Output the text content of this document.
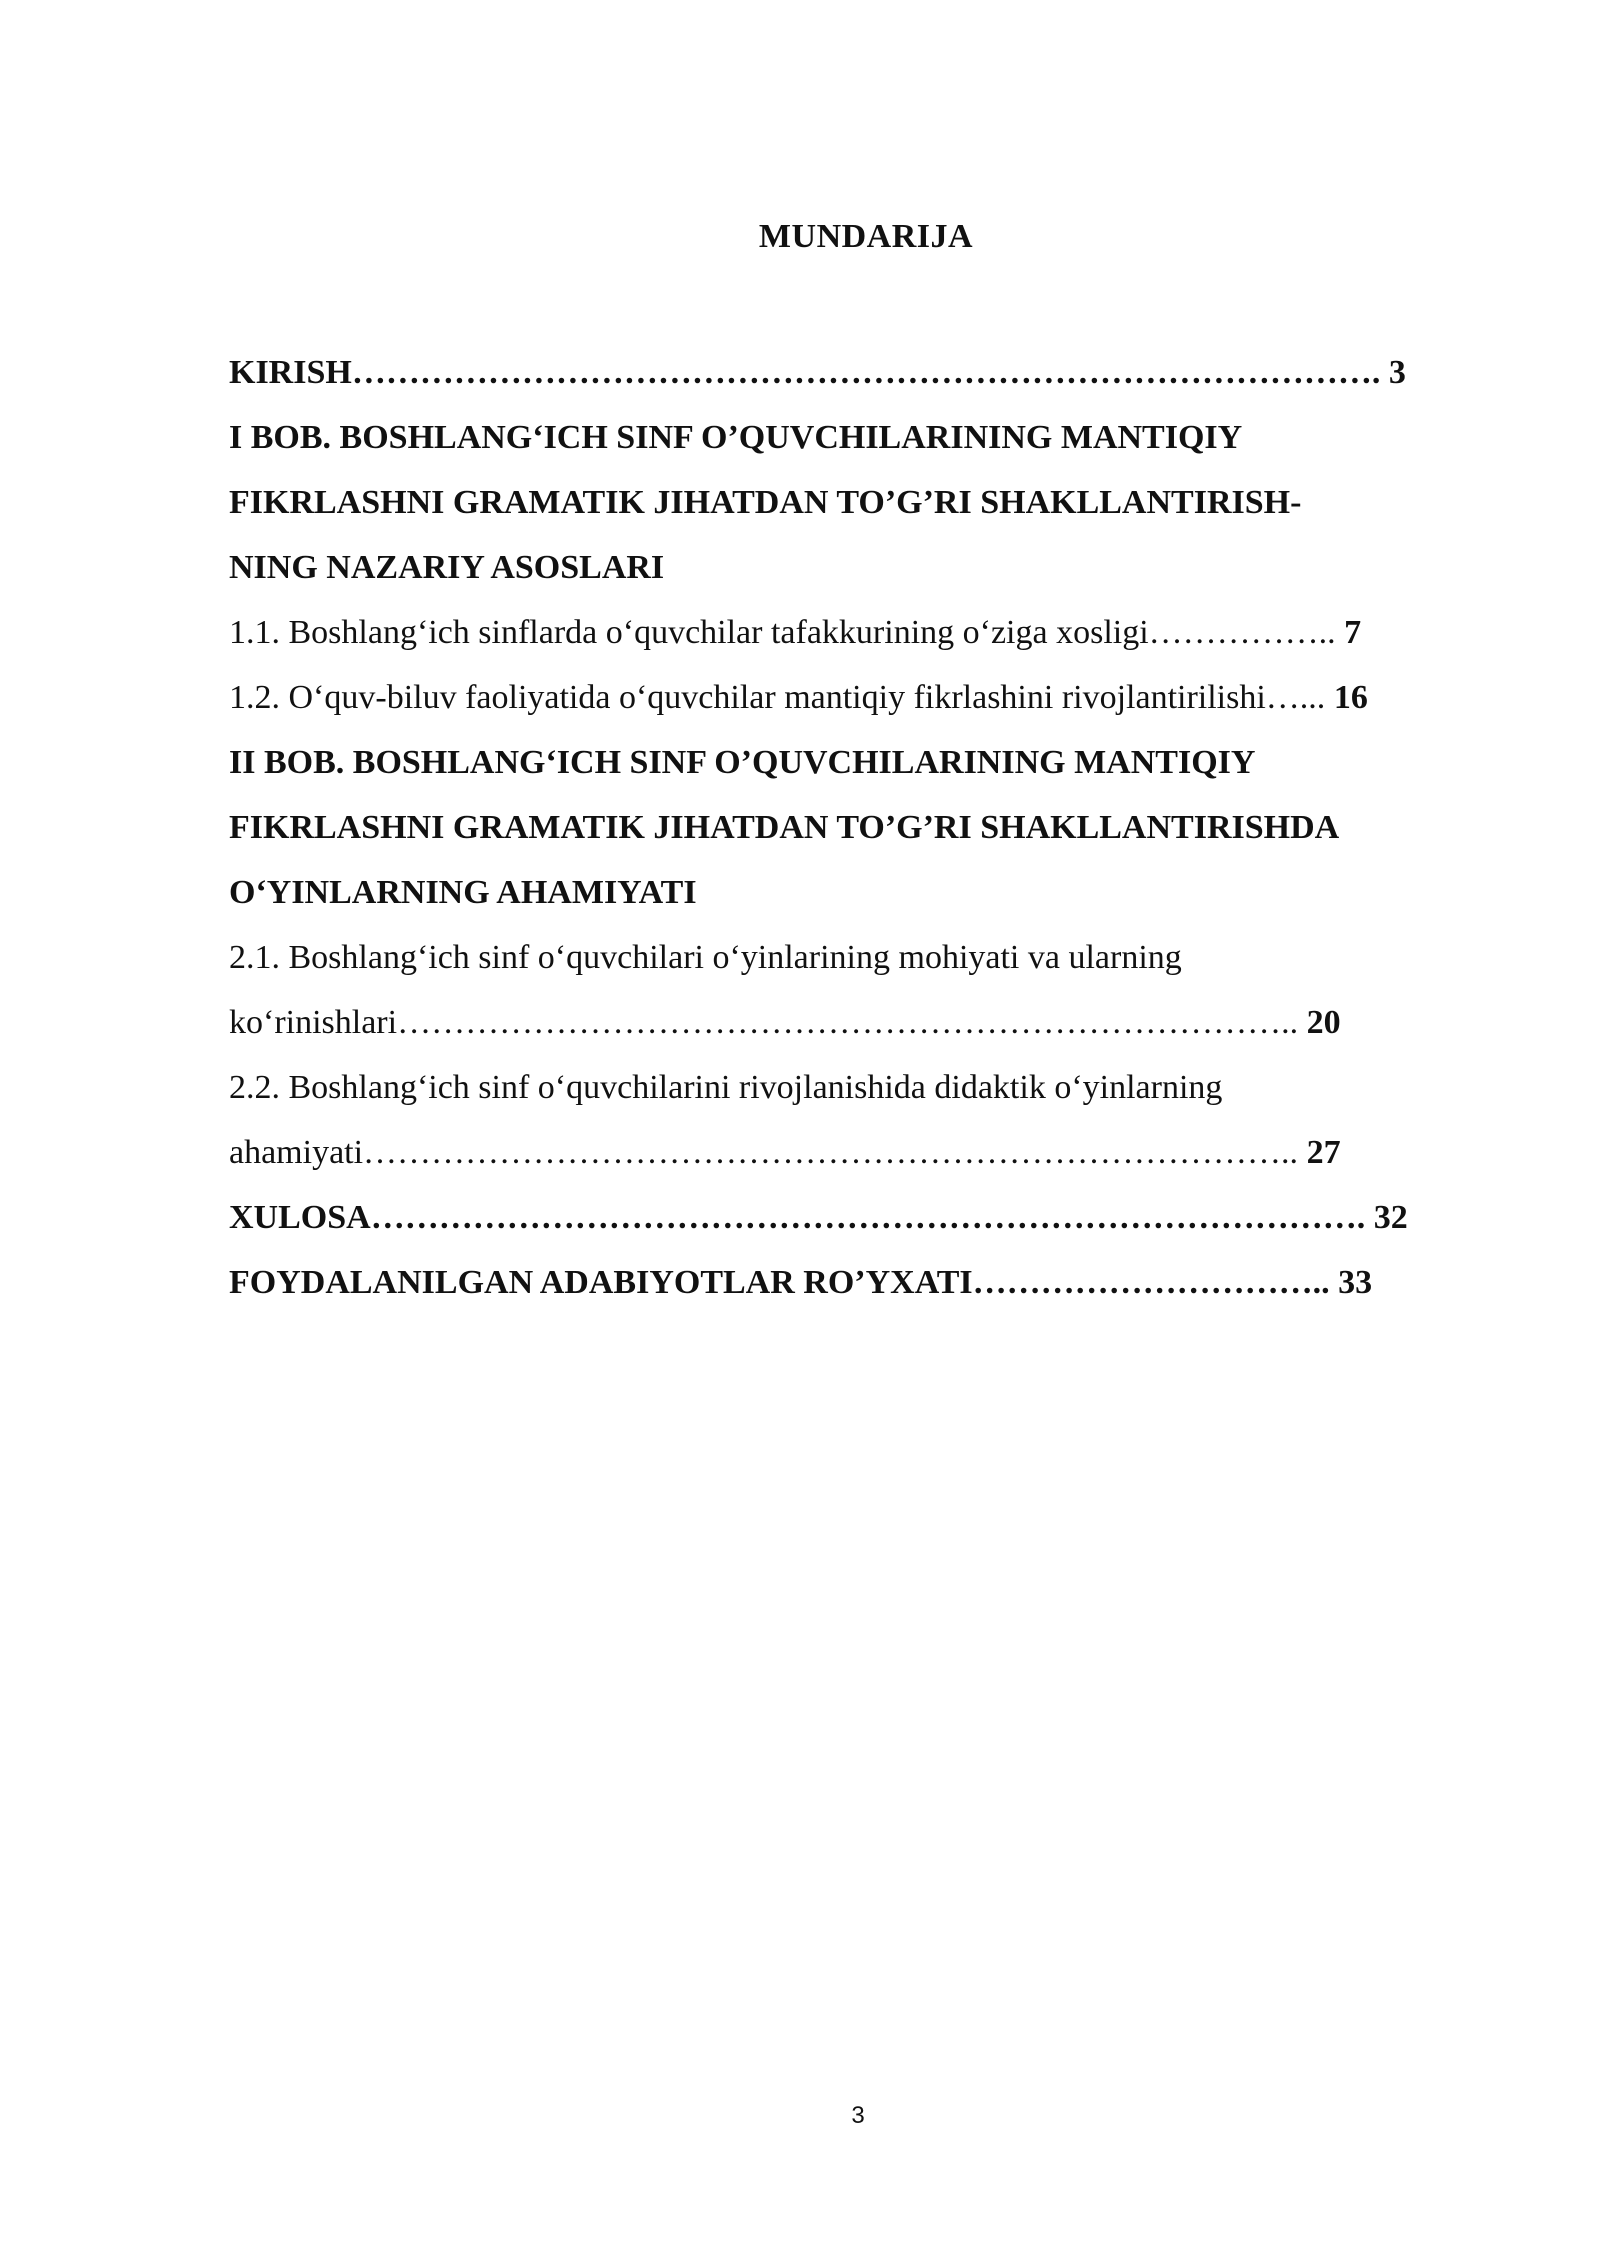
MUNDARIJA
KIRISH………………………………………………………………………………. 3
I BOB. BOSHLANG‘ICH SINF O’QUVCHILARINING MANTIQIY
FIKRLASHNI GRAMATIK JIHATDAN TO’G’RI SHAKLLANTIRISH-
NING NAZARIY ASOSLARI
1.1. Boshlang‘ich sinflarda o‘quvchilar tafakkurining o‘ziga xosligi…………….. 7
1.2. O‘quv-biluv faoliyatida o‘quvchilar mantiqiy fikrlashini rivojlantirilishi…... 16
II BOB. BOSHLANG‘ICH SINF O’QUVCHILARINING MANTIQIY
FIKRLASHNI GRAMATIK JIHATDAN TO’G’RI SHAKLLANTIRISHDA
O‘YINLARNING AHAMIYATI
2.1. Boshlang‘ich sinf o‘quvchilari o‘yinlarining mohiyati va ularning
ko‘rinishlari…………………………………………………………………….. 20
2.2. Boshlang‘ich sinf o‘quvchilarini rivojlanishida didaktik o‘yinlarning
ahamiyati……………………………………………………………………….. 27
XULOSA……………………………………………………………………………. 32
FOYDALANILGAN ADABIYOTLAR RO’YXATI………………………….. 33
3
